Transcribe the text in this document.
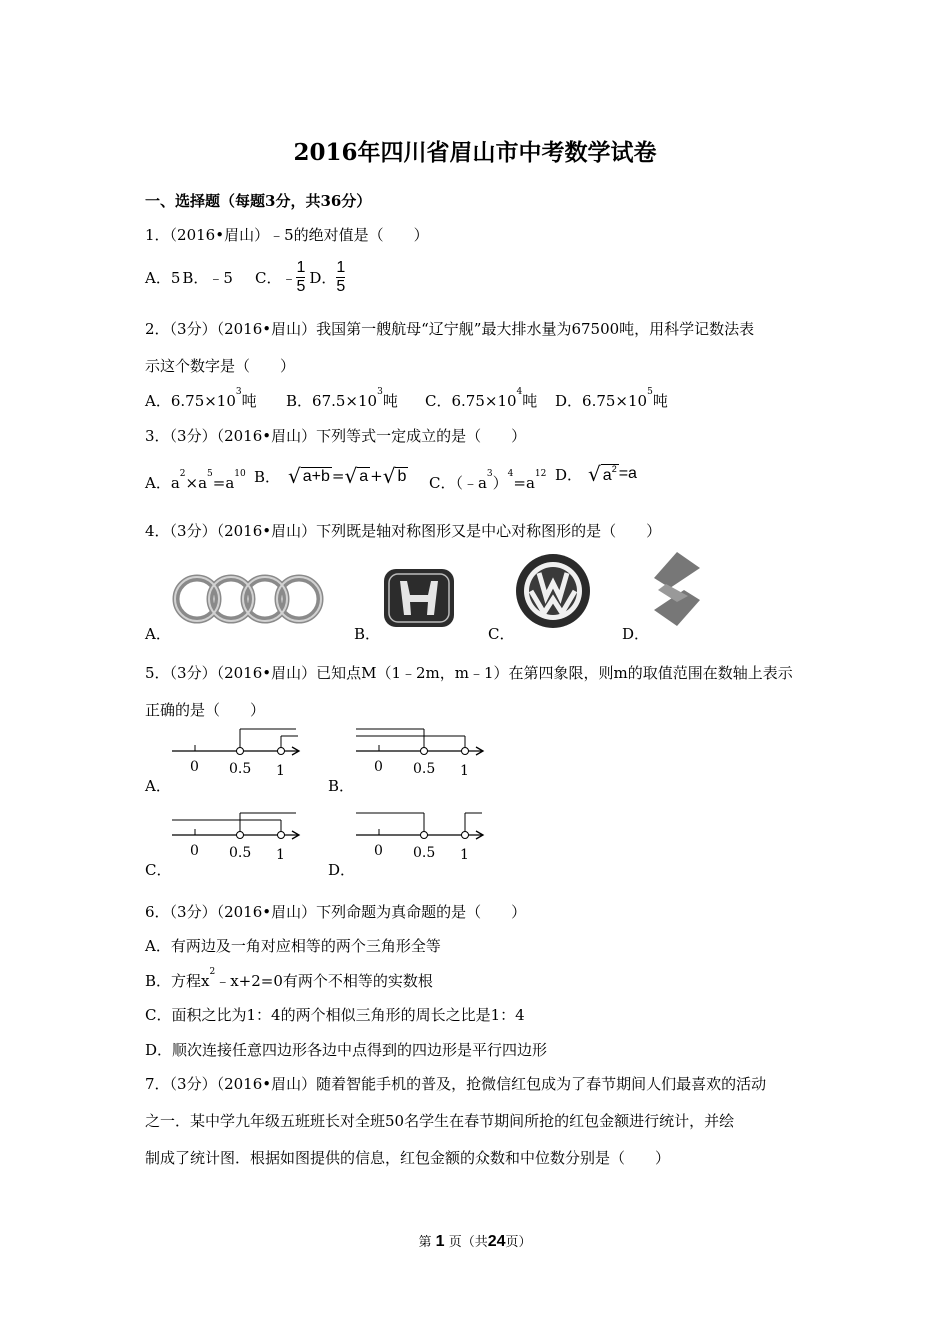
2016年四川省眉山市中考数学试卷
一、选择题（每题3分，共36分）
1．（2016•眉山）﹣5的绝对值是（　　）
A．5 B．﹣5 C．﹣ $\frac{1}{5}$ D． $\frac{1}{5}$
2．（3分）（2016•眉山）我国第一艘航母“辽宁舰”最大排水量为67500吨，用科学记数法表
示这个数字是（　　）
A．$6.75\times 10^3$吨 B．$67.5\times 10^3$吨 C．$6.75\times 10^4$吨 D．$6.75\times 10^5$吨
3．（3分）（2016•眉山）下列等式一定成立的是（　　）
A．$a^2\times a^5=a^{10}$ B． √ a+b = √ a + √ b C．$(﹣a^3)^4=a^{12}$ D． √ $a^2 =a$
4．（3分）（2016•眉山）下列既是轴对称图形又是中心对称图形的是（　　）
A．	B．	C．	D．
5．（3分）（2016•眉山）已知点M（1﹣2m，m﹣1）在第四象限，则m的取值范围在数轴上表示
正确的是（　　）
A．
0 0.5 1
B．
0 0.5 1
C．
0 0.5 1
D．
0 0.5 1
6．（3分）（2016•眉山）下列命题为真命题的是（　　）
A．有两边及一角对应相等的两个三角形全等
B．方程$x^2﹣x+2=0$有两个不相等的实数根
C．面积之比为1：4的两个相似三角形的周长之比是1：4
D．顺次连接任意四边形各边中点得到的四边形是平行四边形
7．（3分）（2016•眉山）随着智能手机的普及，抢微信红包成为了春节期间人们最喜欢的活动
之一．某中学九年级五班班长对全班50名学生在春节期间所抢的红包金额进行统计，并绘
制成了统计图．根据如图提供的信息，红包金额的众数和中位数分别是（　　）
第 1 页（共24页）
